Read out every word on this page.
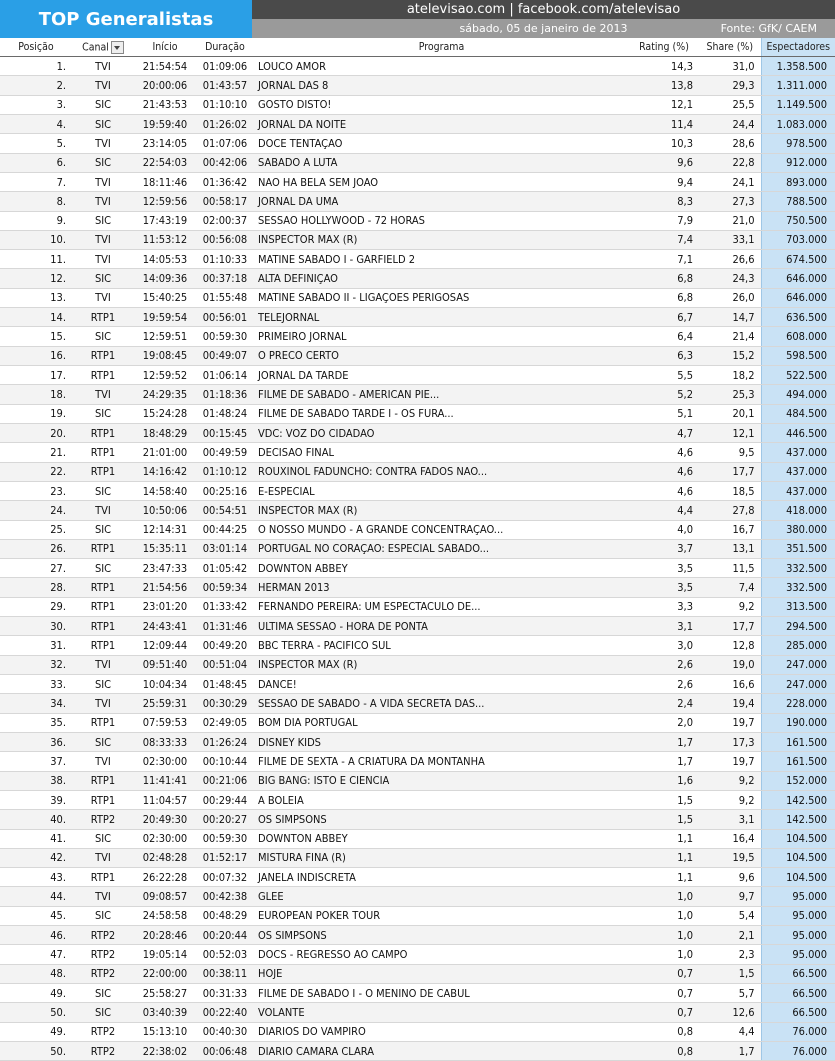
TOP Generalistas	atelevisao.com | facebook.com/atelevisao
sábado, 05 de janeiro de 2013	Fonte: GfK/ CAEM
Posição	Canal	Início	Duração	Programa	Rating (%)	Share (%)	Espectadores
1.	TVI	21:54:54	01:09:06	LOUCO AMOR	14,3	31,0	1.358.500
2.	TVI	20:00:06	01:43:57	JORNAL DAS 8	13,8	29,3	1.311.000
3.	SIC	21:43:53	01:10:10	GOSTO DISTO!	12,1	25,5	1.149.500
4.	SIC	19:59:40	01:26:02	JORNAL DA NOITE	11,4	24,4	1.083.000
5.	TVI	23:14:05	01:07:06	DOCE TENTAÇAO	10,3	28,6	978.500
6.	SIC	22:54:03	00:42:06	SABADO A LUTA	9,6	22,8	912.000
7.	TVI	18:11:46	01:36:42	NAO HA BELA SEM JOAO	9,4	24,1	893.000
8.	TVI	12:59:56	00:58:17	JORNAL DA UMA	8,3	27,3	788.500
9.	SIC	17:43:19	02:00:37	SESSAO HOLLYWOOD - 72 HORAS	7,9	21,0	750.500
10.	TVI	11:53:12	00:56:08	INSPECTOR MAX (R)	7,4	33,1	703.000
11.	TVI	14:05:53	01:10:33	MATINE SABADO I - GARFIELD 2	7,1	26,6	674.500
12.	SIC	14:09:36	00:37:18	ALTA DEFINIÇAO	6,8	24,3	646.000
13.	TVI	15:40:25	01:55:48	MATINE SABADO II - LIGAÇOES PERIGOSAS	6,8	26,0	646.000
14.	RTP1	19:59:54	00:56:01	TELEJORNAL	6,7	14,7	636.500
15.	SIC	12:59:51	00:59:30	PRIMEIRO JORNAL	6,4	21,4	608.000
16.	RTP1	19:08:45	00:49:07	O PRECO CERTO	6,3	15,2	598.500
17.	RTP1	12:59:52	01:06:14	JORNAL DA TARDE	5,5	18,2	522.500
18.	TVI	24:29:35	01:18:36	FILME DE SABADO - AMERICAN PIE...	5,2	25,3	494.000
19.	SIC	15:24:28	01:48:24	FILME DE SABADO TARDE I - OS FURA...	5,1	20,1	484.500
20.	RTP1	18:48:29	00:15:45	VDC: VOZ DO CIDADAO	4,7	12,1	446.500
21.	RTP1	21:01:00	00:49:59	DECISAO FINAL	4,6	9,5	437.000
22.	RTP1	14:16:42	01:10:12	ROUXINOL FADUNCHO: CONTRA FADOS NAO...	4,6	17,7	437.000
23.	SIC	14:58:40	00:25:16	E-ESPECIAL	4,6	18,5	437.000
24.	TVI	10:50:06	00:54:51	INSPECTOR MAX (R)	4,4	27,8	418.000
25.	SIC	12:14:31	00:44:25	O NOSSO MUNDO - A GRANDE CONCENTRAÇAO...	4,0	16,7	380.000
26.	RTP1	15:35:11	03:01:14	PORTUGAL NO CORAÇAO: ESPECIAL SABADO...	3,7	13,1	351.500
27.	SIC	23:47:33	01:05:42	DOWNTON ABBEY	3,5	11,5	332.500
28.	RTP1	21:54:56	00:59:34	HERMAN 2013	3,5	7,4	332.500
29.	RTP1	23:01:20	01:33:42	FERNANDO PEREIRA: UM ESPECTACULO DE...	3,3	9,2	313.500
30.	RTP1	24:43:41	01:31:46	ULTIMA SESSAO - HORA DE PONTA	3,1	17,7	294.500
31.	RTP1	12:09:44	00:49:20	BBC TERRA - PACIFICO SUL	3,0	12,8	285.000
32.	TVI	09:51:40	00:51:04	INSPECTOR MAX (R)	2,6	19,0	247.000
33.	SIC	10:04:34	01:48:45	DANCE!	2,6	16,6	247.000
34.	TVI	25:59:31	00:30:29	SESSAO DE SABADO - A VIDA SECRETA DAS...	2,4	19,4	228.000
35.	RTP1	07:59:53	02:49:05	BOM DIA PORTUGAL	2,0	19,7	190.000
36.	SIC	08:33:33	01:26:24	DISNEY KIDS	1,7	17,3	161.500
37.	TVI	02:30:00	00:10:44	FILME DE SEXTA - A CRIATURA DA MONTANHA	1,7	19,7	161.500
38.	RTP1	11:41:41	00:21:06	BIG BANG: ISTO E CIENCIA	1,6	9,2	152.000
39.	RTP1	11:04:57	00:29:44	A BOLEIA	1,5	9,2	142.500
40.	RTP2	20:49:30	00:20:27	OS SIMPSONS	1,5	3,1	142.500
41.	SIC	02:30:00	00:59:30	DOWNTON ABBEY	1,1	16,4	104.500
42.	TVI	02:48:28	01:52:17	MISTURA FINA (R)	1,1	19,5	104.500
43.	RTP1	26:22:28	00:07:32	JANELA INDISCRETA	1,1	9,6	104.500
44.	TVI	09:08:57	00:42:38	GLEE	1,0	9,7	95.000
45.	SIC	24:58:58	00:48:29	EUROPEAN POKER TOUR	1,0	5,4	95.000
46.	RTP2	20:28:46	00:20:44	OS SIMPSONS	1,0	2,1	95.000
47.	RTP2	19:05:14	00:52:03	DOCS - REGRESSO AO CAMPO	1,0	2,3	95.000
48.	RTP2	22:00:00	00:38:11	HOJE	0,7	1,5	66.500
49.	SIC	25:58:27	00:31:33	FILME DE SABADO I - O MENINO DE CABUL	0,7	5,7	66.500
50.	SIC	03:40:39	00:22:40	VOLANTE	0,7	12,6	66.500
49.	RTP2	15:13:10	00:40:30	DIARIOS DO VAMPIRO	0,8	4,4	76.000
50.	RTP2	22:38:02	00:06:48	DIARIO CAMARA CLARA	0,8	1,7	76.000
